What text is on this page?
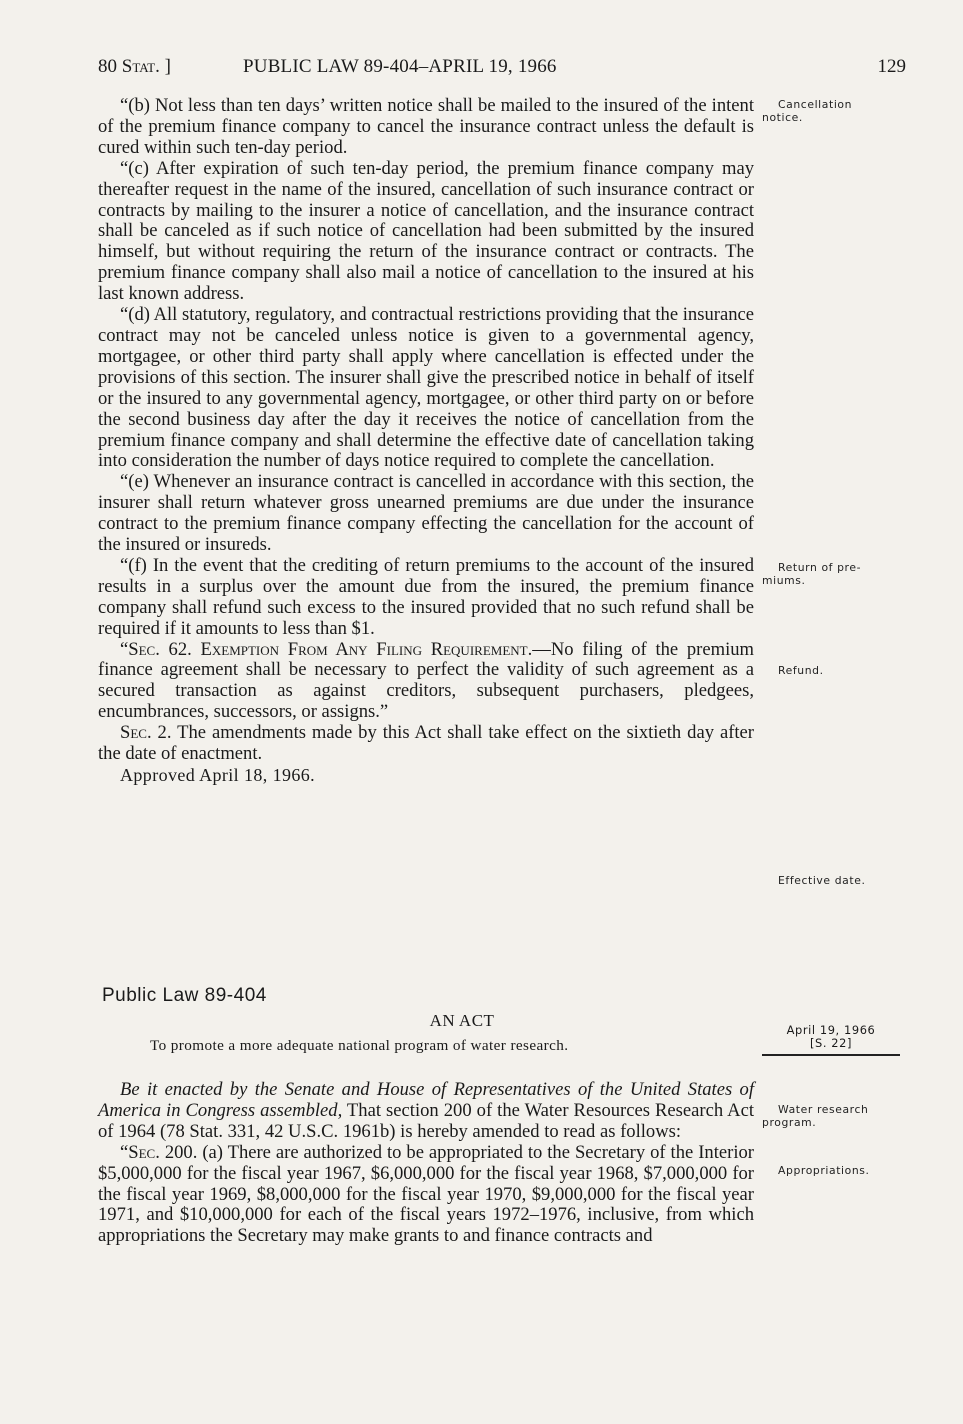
80 Stat. ]	PUBLIC LAW 89-404–APRIL 19, 1966	129

“(b) Not less than ten days’ written notice shall be mailed to the insured of the intent of the premium finance company to cancel the insurance contract unless the default is cured within such ten-day period.

“(c) After expiration of such ten-day period, the premium finance company may thereafter request in the name of the insured, cancellation of such insurance contract or contracts by mailing to the insurer a notice of cancellation, and the insurance contract shall be canceled as if such notice of cancellation had been submitted by the insured himself, but without requiring the return of the insurance contract or contracts. The premium finance company shall also mail a notice of cancellation to the insured at his last known address.

“(d) All statutory, regulatory, and contractual restrictions providing that the insurance contract may not be canceled unless notice is given to a governmental agency, mortgagee, or other third party shall apply where cancellation is effected under the provisions of this section. The insurer shall give the prescribed notice in behalf of itself or the insured to any governmental agency, mortgagee, or other third party on or before the second business day after the day it receives the notice of cancellation from the premium finance company and shall determine the effective date of cancellation taking into consideration the number of days notice required to complete the cancellation.

“(e) Whenever an insurance contract is cancelled in accordance with this section, the insurer shall return whatever gross unearned premiums are due under the insurance contract to the premium finance company effecting the cancellation for the account of the insured or insureds.

“(f) In the event that the crediting of return premiums to the account of the insured results in a surplus over the amount due from the insured, the premium finance company shall refund such excess to the insured provided that no such refund shall be required if it amounts to less than $1.

“Sec. 62. Exemption From Any Filing Requirement.—No filing of the premium finance agreement shall be necessary to perfect the validity of such agreement as a secured transaction as against creditors, subsequent purchasers, pledgees, encumbrances, successors, or assigns.”

Sec. 2. The amendments made by this Act shall take effect on the sixtieth day after the date of enactment.

Approved April 18, 1966.

Cancellation
notice.
Return of pre-
miums.
Refund.
Effective date.
Public Law 89-404
AN ACT
To promote a more adequate national program of water research.
April 19, 1966
[S. 22]

Be it enacted by the Senate and House of Representatives of the United States of America in Congress assembled, That section 200 of the Water Resources Research Act of 1964 (78 Stat. 331, 42 U.S.C. 1961b) is hereby amended to read as follows:

“Sec. 200. (a) There are authorized to be appropriated to the Secretary of the Interior $5,000,000 for the fiscal year 1967, $6,000,000 for the fiscal year 1968, $7,000,000 for the fiscal year 1969, $8,000,000 for the fiscal year 1970, $9,000,000 for the fiscal year 1971, and $10,000,000 for each of the fiscal years 1972–1976, inclusive, from which appropriations the Secretary may make grants to and finance contracts and

Water research
program.
Appropriations.
